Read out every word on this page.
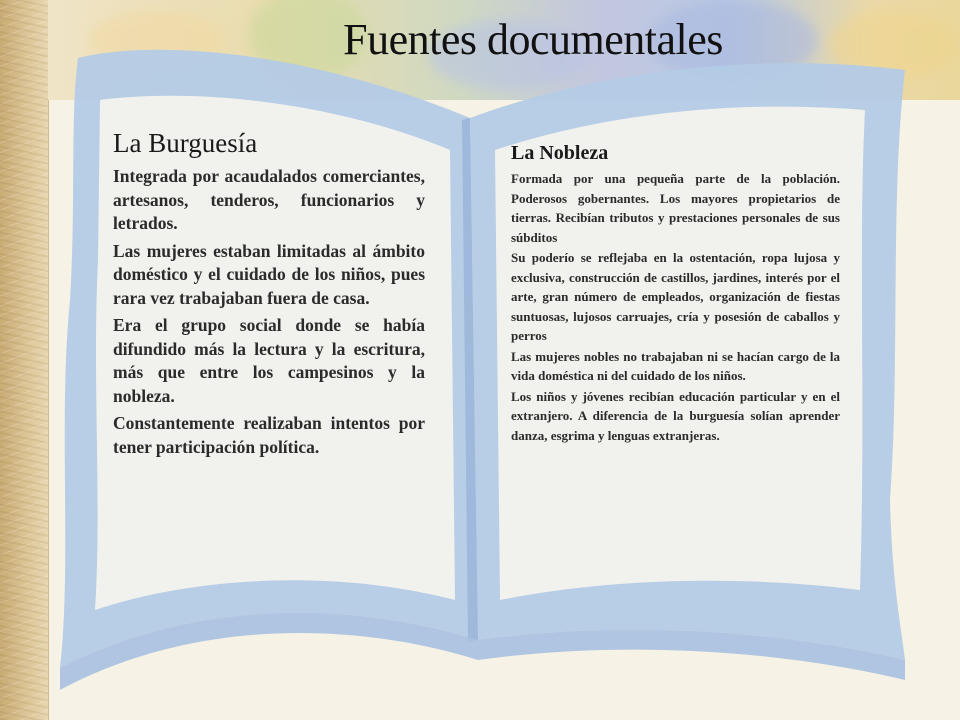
Fuentes documentales
La Burguesía

Integrada por acaudalados comerciantes, artesanos, tenderos, funcionarios y letrados.

Las mujeres estaban limitadas al ámbito doméstico y el cuidado de los niños, pues rara vez trabajaban fuera de casa.

Era el grupo social donde se había difundido más la lectura y la escritura, más que entre los campesinos y la nobleza.

Constantemente realizaban intentos por tener participación política.

La Nobleza

Formada por una pequeña parte de la población. Poderosos gobernantes. Los mayores propietarios de tierras. Recibían tributos y prestaciones personales de sus súbditos

Su poderío se reflejaba en la ostentación, ropa lujosa y exclusiva, construcción de castillos, jardines, interés por el arte, gran número de empleados, organización de fiestas suntuosas, lujosos carruajes, cría y posesión de caballos y perros

Las mujeres nobles no trabajaban ni se hacían cargo de la vida doméstica ni del cuidado de los niños.

Los niños y jóvenes recibían educación particular y en el extranjero. A diferencia de la burguesía solían aprender danza, esgrima y lenguas extranjeras.
